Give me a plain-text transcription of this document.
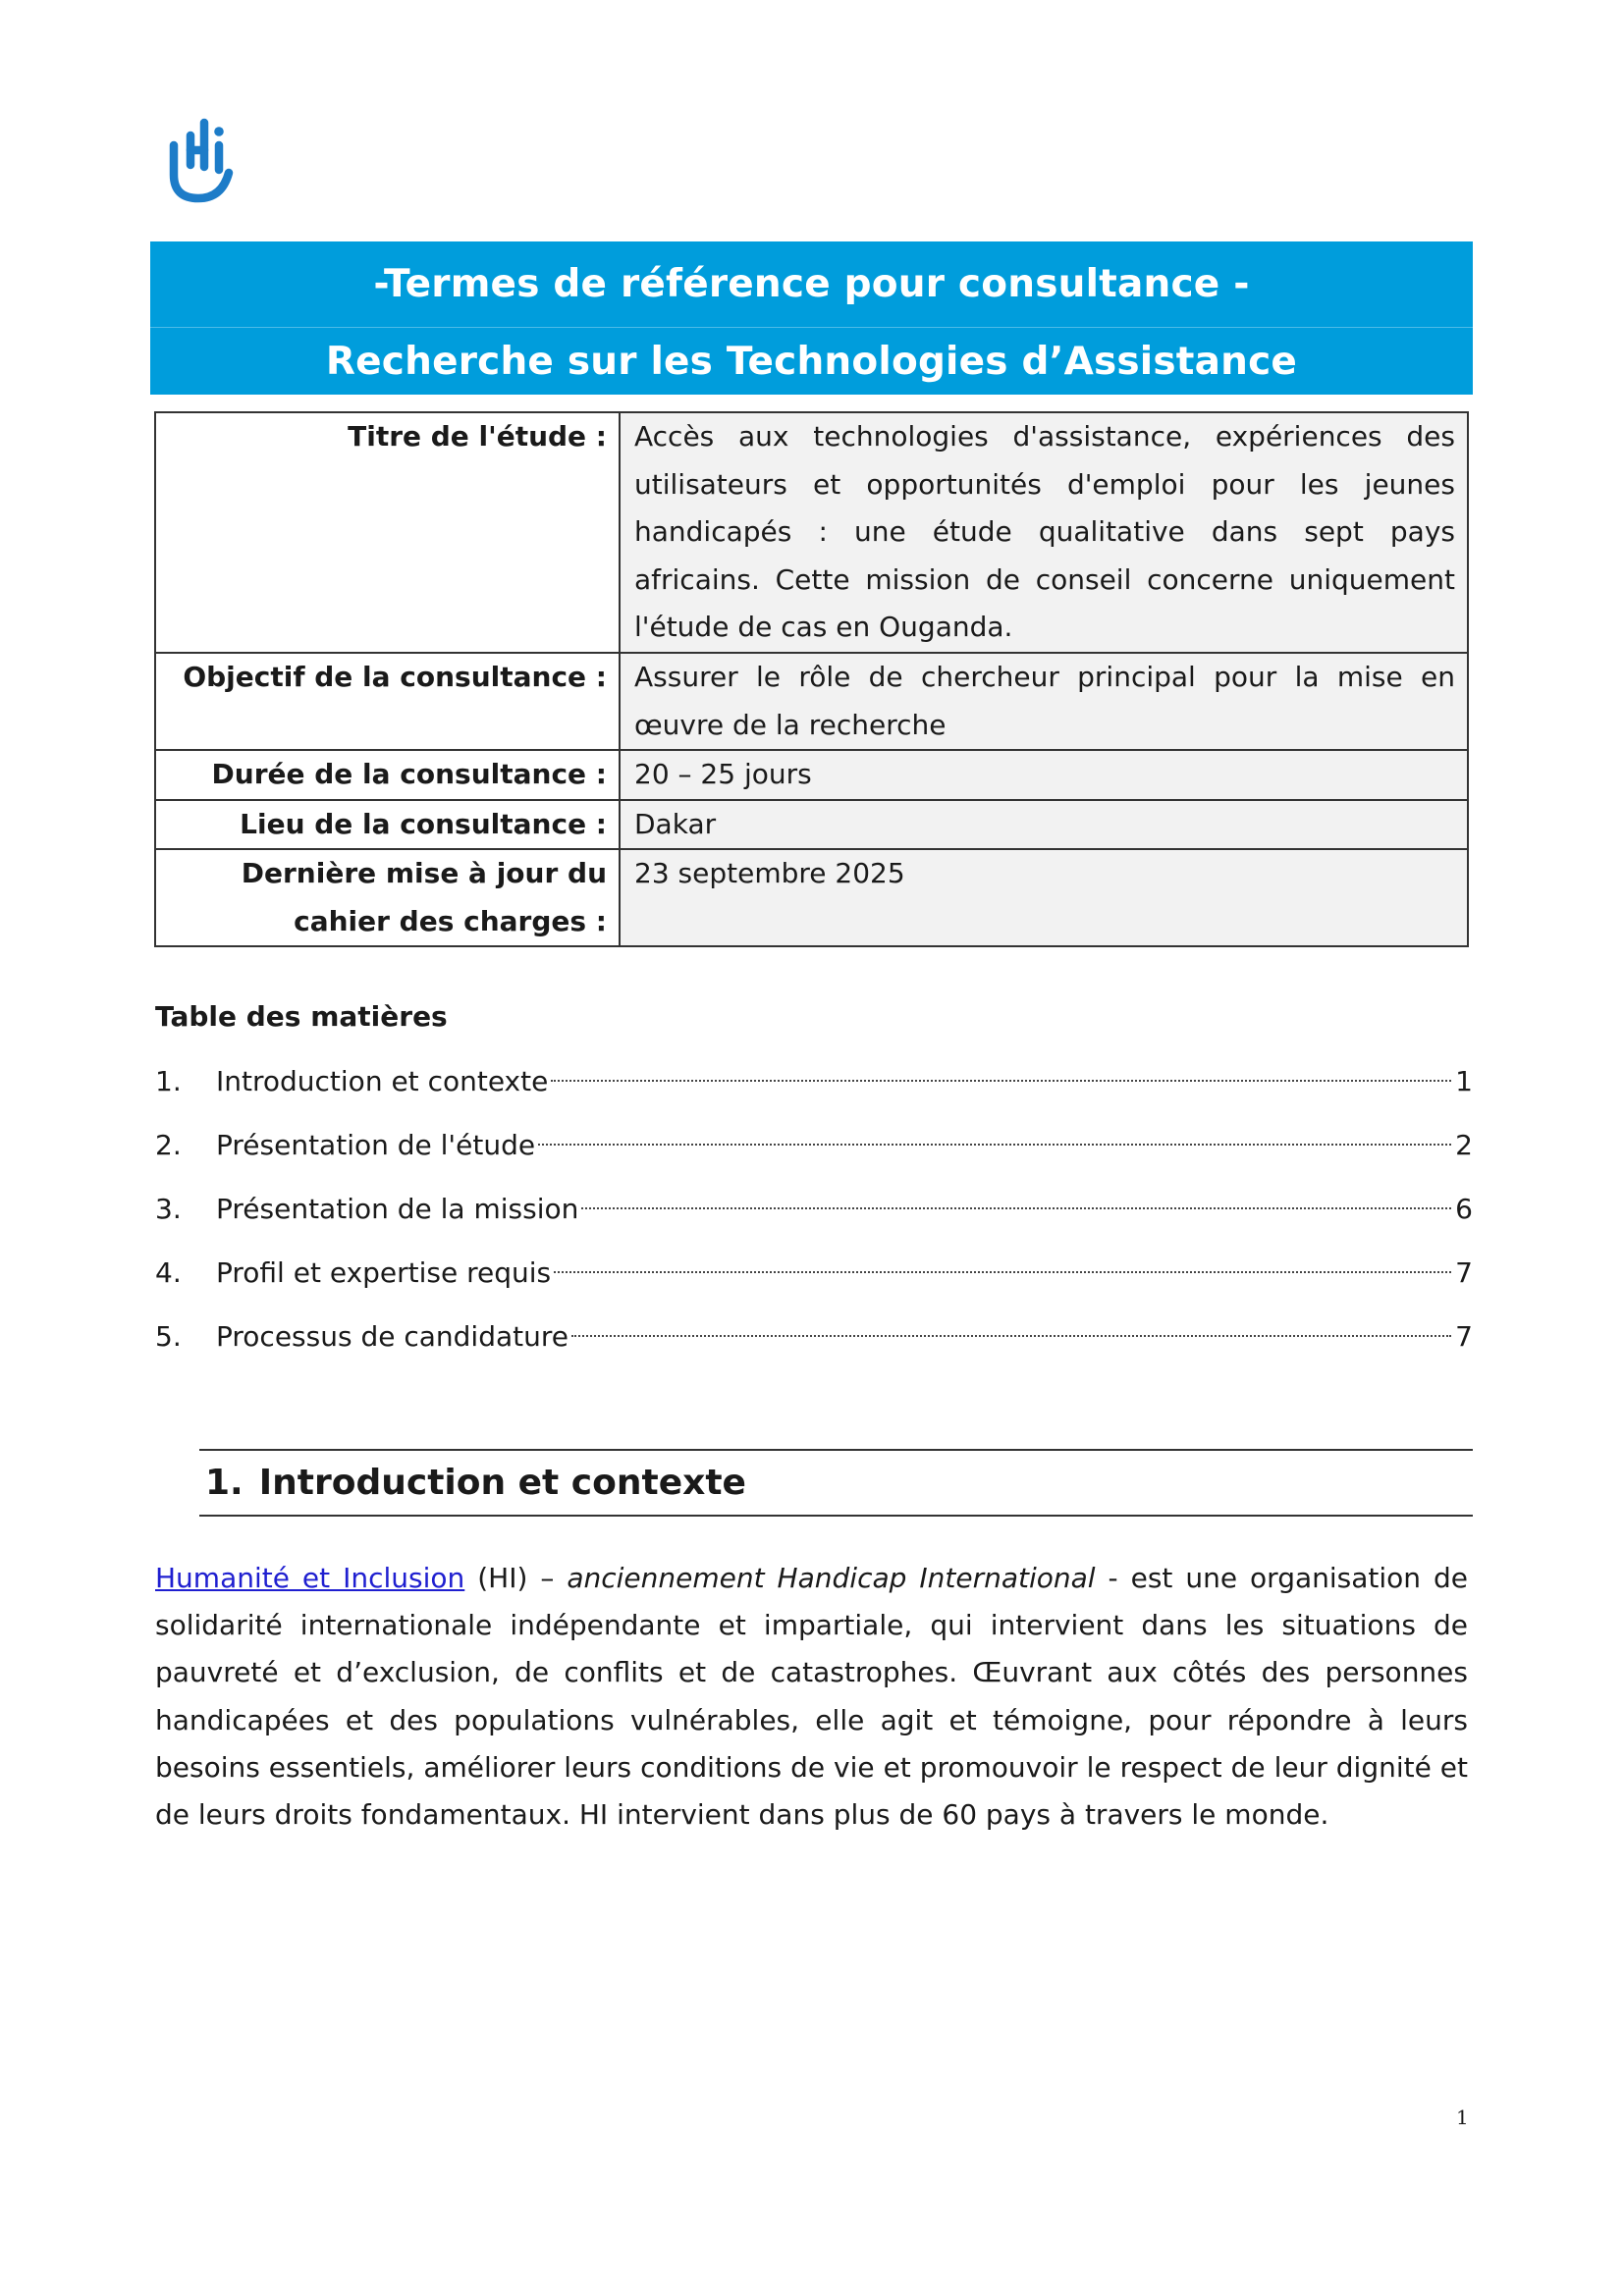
-Termes de référence pour consultance -
Recherche sur les Technologies d’Assistance
Titre de l'étude :	Accès aux technologies d'assistance, expériences des utilisateurs et opportunités d'emploi pour les jeunes handicapés : une étude qualitative dans sept pays africains. Cette mission de conseil concerne uniquement l'étude de cas en Ouganda.
Objectif de la consultance :	Assurer le rôle de chercheur principal pour la mise en œuvre de la recherche
Durée de la consultance :	20 – 25 jours
Lieu de la consultance :	Dakar
Dernière mise à jour du cahier des charges :	23 septembre 2025
Table des matières
1.	Introduction et contexte	1
2.	Présentation de l'étude	2
3.	Présentation de la mission	6
4.	Profil et expertise requis	7
5.	Processus de candidature	7
1. Introduction et contexte
Humanité et Inclusion (HI) – anciennement Handicap International - est une organisation de solidarité internationale indépendante et impartiale, qui intervient dans les situations de pauvreté et d’exclusion, de conflits et de catastrophes. Œuvrant aux côtés des personnes handicapées et des populations vulnérables, elle agit et témoigne, pour répondre à leurs besoins essentiels, améliorer leurs conditions de vie et promouvoir le respect de leur dignité et de leurs droits fondamentaux. HI intervient dans plus de 60 pays à travers le monde.
1
